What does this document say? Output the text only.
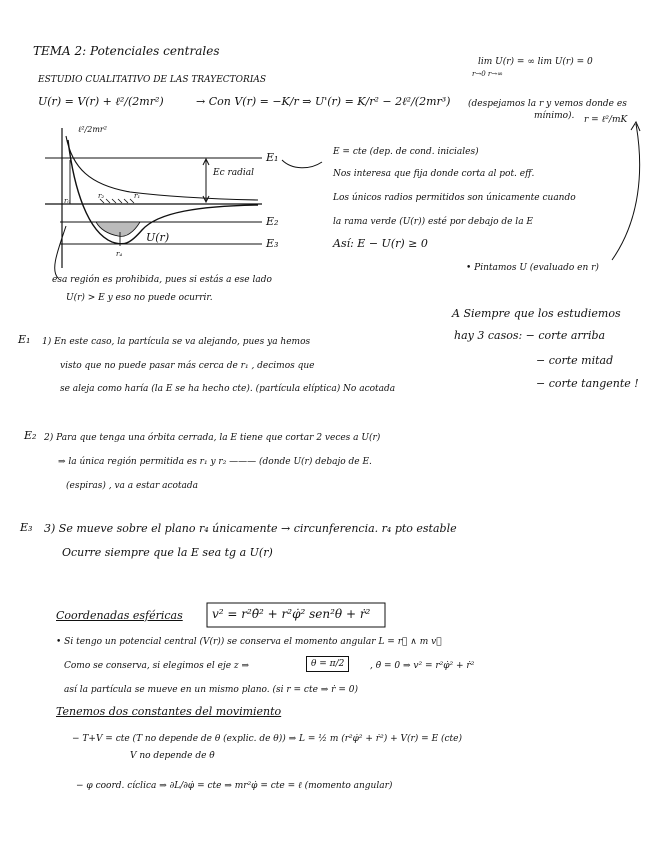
TEMA 2: Potenciales centrales
ESTUDIO CUALITATIVO DE LAS TRAYECTORIAS
lim U(r) = ∞ lim U(r) = 0
r→0 r→∞
U(r) = V(r) + ℓ²/(2mr²)	→ Con V(r) = −K/r ⇒ U'(r) = K/r² − 2ℓ²/(2mr³) (despejamos la r y vemos donde es
mínimo). r = ℓ²/mK
ℓ²/2mr²
E₁
E₂
E₃
Ec radial
U(r)
r₀
r₁
r₂
r₄
E = cte (dep. de cond. iniciales)
Nos interesa que fija donde corta al pot. eff.
Los únicos radios permitidos son únicamente cuando
la rama verde (U(r)) esté por debajo de la E
Así: E − U(r) ≥ 0
• Pintamos U (evaluado en r)
esa región es prohibida, pues si estás a ese lado
U(r) > E y eso no puede ocurrir.
A Siempre que los estudiemos
hay 3 casos: − corte arriba
− corte mitad
− corte tangente !
E₁ 1) En este caso, la partícula se va alejando, pues ya hemos
visto que no puede pasar más cerca de r₁ , decimos que
se aleja como haría (la E se ha hecho cte). (partícula elíptica) No acotada
E₂ 2) Para que tenga una órbita cerrada, la E tiene que cortar 2 veces a U(r)
⇒ la única región permitida es r₁ y r₂ ——— (donde U(r) debajo de E.
(espiras) , va a estar acotada
E₃ 3) Se mueve sobre el plano r₄ únicamente → circunferencia. r₄ pto estable
Ocurre siempre que la E sea tg a U(r)
Coordenadas esféricas v² = r²θ̇² + r²φ̇² sen²θ + ṙ²
• Si tengo un potencial central (V(r)) se conserva el momento angular L = r⃗ ∧ m v⃗
Como se conserva, si elegimos el eje z ⇒	θ = π/2	, θ̇ = 0 ⇒ v² = r²φ̇² + ṙ²
así la partícula se mueve en un mismo plano. (si r = cte ⇒ ṙ = 0)
Tenemos dos constantes del movimiento
− T+V = cte (T no depende de θ (explic. de θ)) ⇒ L = ½ m (r²φ̇² + ṙ²) + V(r) = E (cte)
V no depende de θ̇
− φ coord. cíclica ⇒ ∂L/∂φ̇ = cte ⇒ mr²φ̇ = cte = ℓ (momento angular)
